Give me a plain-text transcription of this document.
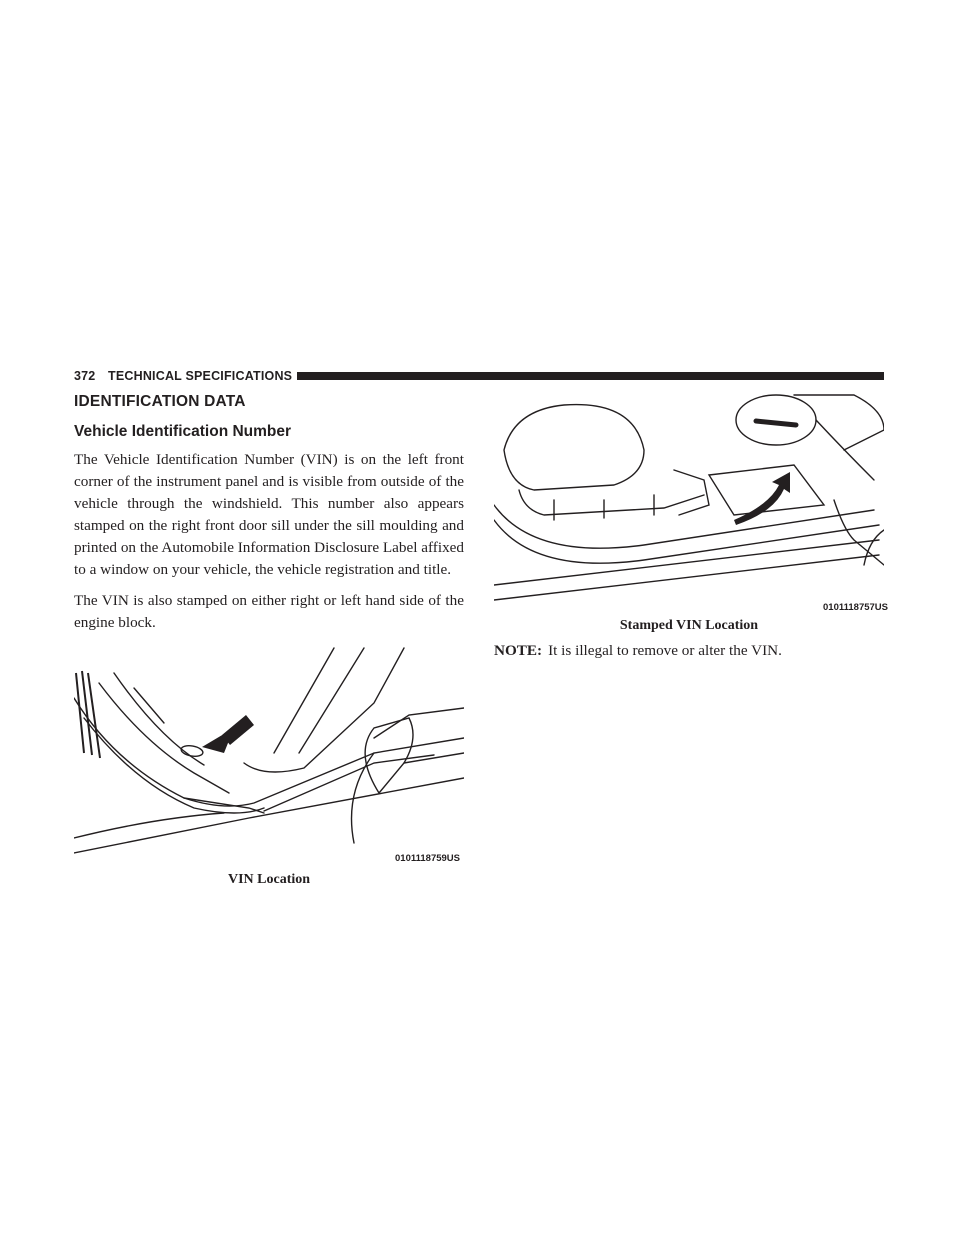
372 TECHNICAL SPECIFICATIONS
IDENTIFICATION DATA
Vehicle Identification Number

The Vehicle Identification Number (VIN) is on the left front corner of the instrument panel and is visible from outside of the vehicle through the windshield. This number also appears stamped on the right front door sill under the sill moulding and printed on the Automobile Information Disclosure Label affixed to a window on your vehicle, the vehicle registration and title.

The VIN is also stamped on either right or left hand side of the engine block.

0101118759US
VIN Location
0101118757US
Stamped VIN Location
NOTE: It is illegal to remove or alter the VIN.
